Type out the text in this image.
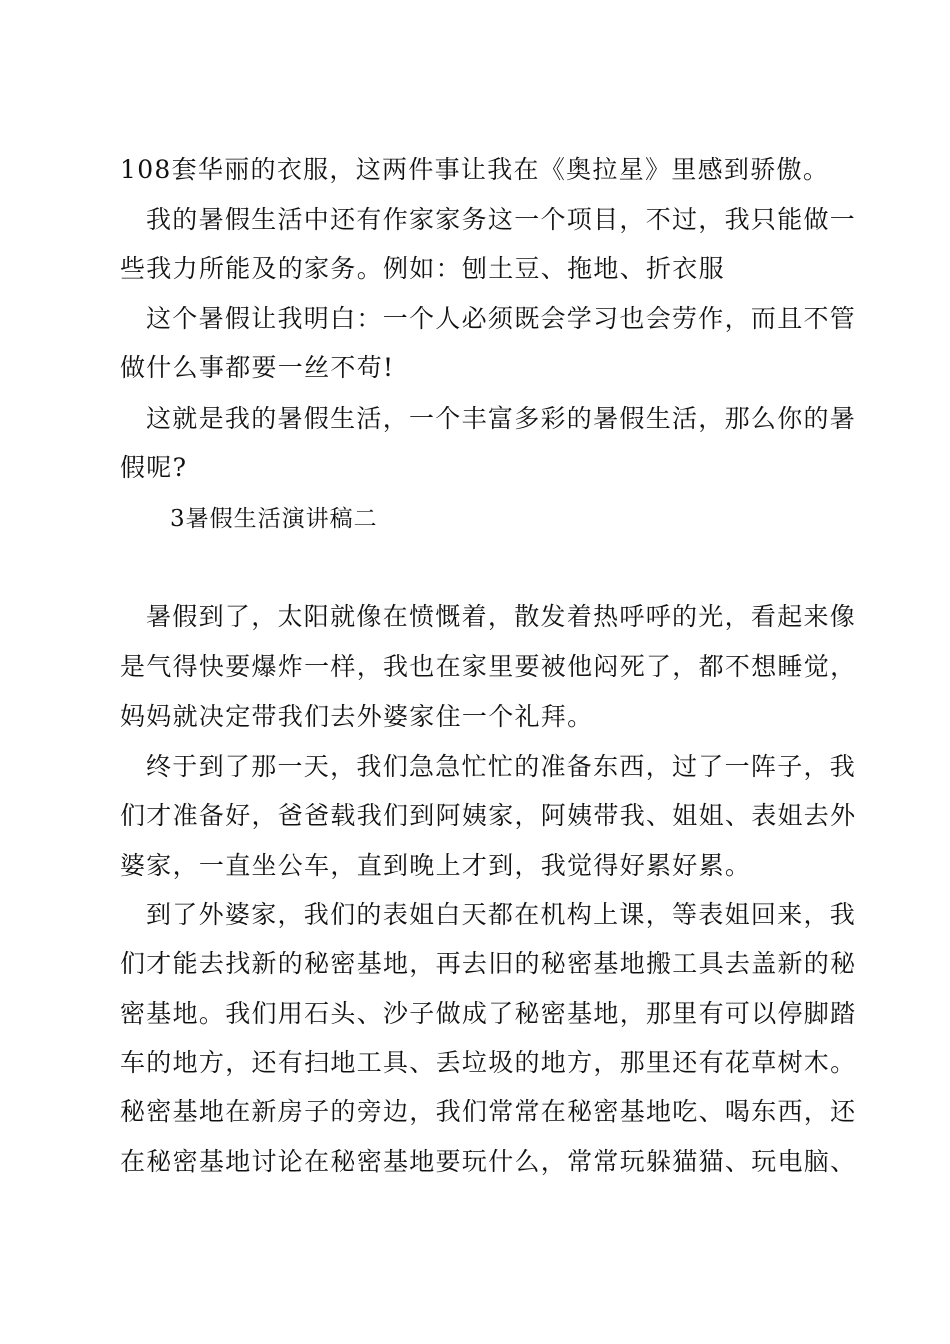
108套华丽的衣服，这两件事让我在《奥拉星》里感到骄傲。
我的暑假生活中还有作家家务这一个项目，不过，我只能做一
些我力所能及的家务。例如：刨土豆、拖地、折衣服
这个暑假让我明白：一个人必须既会学习也会劳作，而且不管
做什么事都要一丝不苟!
这就是我的暑假生活，一个丰富多彩的暑假生活，那么你的暑
假呢?
3暑假生活演讲稿二
暑假到了，太阳就像在愤慨着，散发着热呼呼的光，看起来像
是气得快要爆炸一样，我也在家里要被他闷死了，都不想睡觉，
妈妈就决定带我们去外婆家住一个礼拜。
终于到了那一天，我们急急忙忙的准备东西，过了一阵子，我
们才准备好，爸爸载我们到阿姨家，阿姨带我、姐姐、表姐去外
婆家，一直坐公车，直到晚上才到，我觉得好累好累。
到了外婆家，我们的表姐白天都在机构上课，等表姐回来，我
们才能去找新的秘密基地，再去旧的秘密基地搬工具去盖新的秘
密基地。我们用石头、沙子做成了秘密基地，那里有可以停脚踏
车的地方，还有扫地工具、丢垃圾的地方，那里还有花草树木。
秘密基地在新房子的旁边，我们常常在秘密基地吃、喝东西，还
在秘密基地讨论在秘密基地要玩什么，常常玩躲猫猫、玩电脑、
